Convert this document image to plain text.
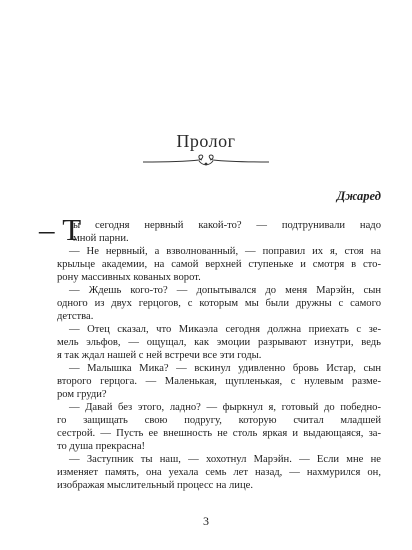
Пролог
Джаред
– Т
ы сегодня нервный какой-то? — подтрунивали надо
мной парни.
— Не нервный, а взволнованный, — поправил их я, стоя на
крыльце академии, на самой верхней ступеньке и смотря в сто-
рону массивных кованых ворот.
— Ждешь кого-то? — допытывался до меня Марэйн, сын
одного из двух герцогов, с которым мы были дружны с самого
детства.
— Отец сказал, что Микаэла сегодня должна приехать с зе-
мель эльфов, — ощущал, как эмоции разрывают изнутри, ведь
я так ждал нашей с ней встречи все эти годы.
— Малышка Мика? — вскинул удивленно бровь Истар, сын
второго герцога. — Маленькая, щупленькая, с нулевым разме-
ром груди?
— Давай без этого, ладно? — фыркнул я, готовый до победно-
го защищать свою подругу, которую считал младшей
сестрой. — Пусть ее внешность не столь яркая и выдающаяся, за-
то душа прекрасна!
— Заступник ты наш, — хохотнул Марэйн. — Если мне не
изменяет память, она уехала семь лет назад, — нахмурился он,
изображая мыслительный процесс на лице.
3
